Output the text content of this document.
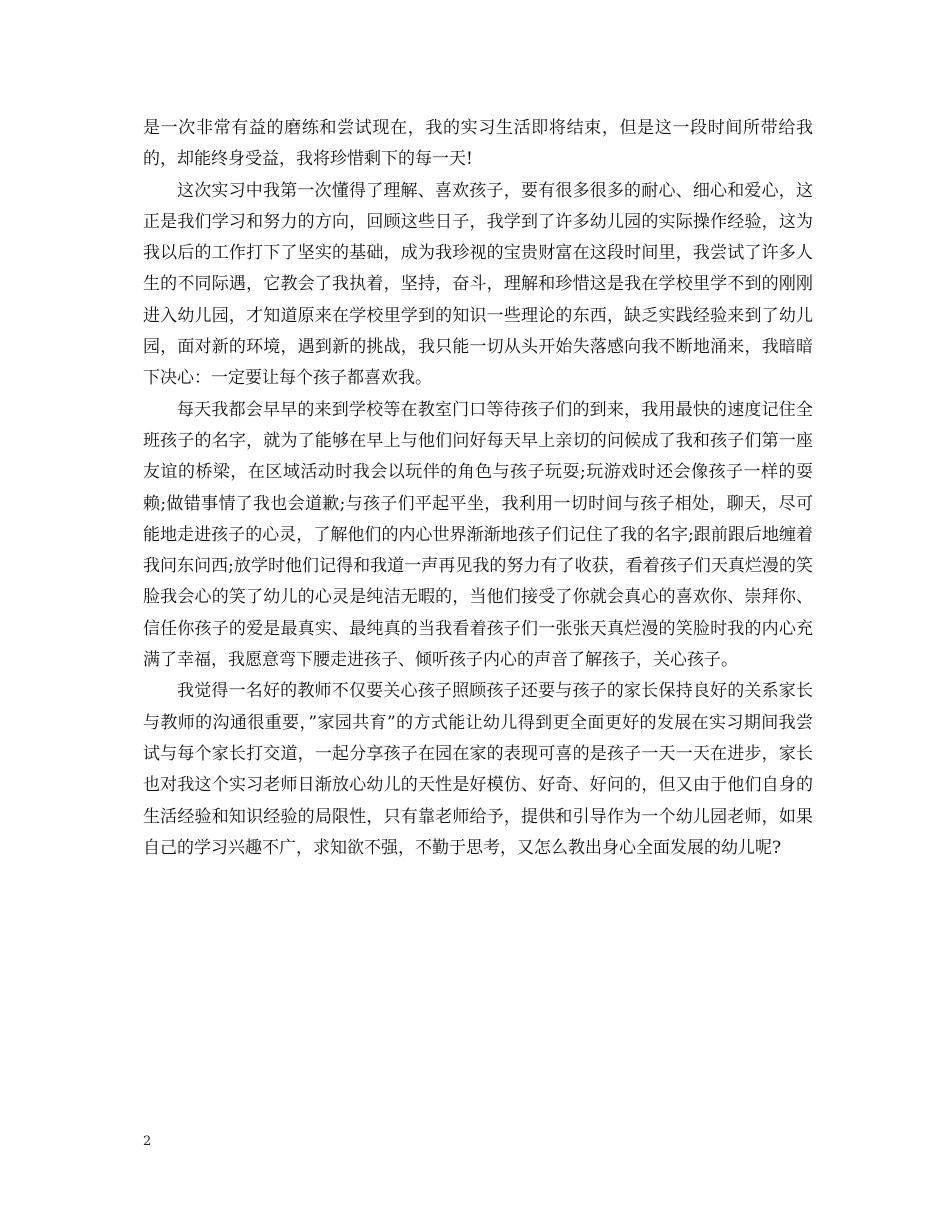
是一次非常有益的磨练和尝试现在，我的实习生活即将结束，但是这一段时间所带给我的，却能终身受益，我将珍惜剩下的每一天!

这次实习中我第一次懂得了理解、喜欢孩子，要有很多很多的耐心、细心和爱心，这正是我们学习和努力的方向，回顾这些日子，我学到了许多幼儿园的实际操作经验，这为我以后的工作打下了坚实的基础，成为我珍视的宝贵财富在这段时间里，我尝试了许多人生的不同际遇，它教会了我执着，坚持，奋斗，理解和珍惜这是我在学校里学不到的刚刚进入幼儿园，才知道原来在学校里学到的知识一些理论的东西，缺乏实践经验来到了幼儿园，面对新的环境，遇到新的挑战，我只能一切从头开始失落感向我不断地涌来，我暗暗下决心：一定要让每个孩子都喜欢我。

每天我都会早早的来到学校等在教室门口等待孩子们的到来，我用最快的速度记住全班孩子的名字，就为了能够在早上与他们问好每天早上亲切的问候成了我和孩子们第一座友谊的桥梁，在区域活动时我会以玩伴的角色与孩子玩耍;玩游戏时还会像孩子一样的耍赖;做错事情了我也会道歉;与孩子们平起平坐，我利用一切时间与孩子相处，聊天，尽可能地走进孩子的心灵，了解他们的内心世界渐渐地孩子们记住了我的名字;跟前跟后地缠着我问东问西;放学时他们记得和我道一声再见我的努力有了收获，看着孩子们天真烂漫的笑脸我会心的笑了幼儿的心灵是纯洁无暇的，当他们接受了你就会真心的喜欢你、崇拜你、信任你孩子的爱是最真实、最纯真的当我看着孩子们一张张天真烂漫的笑脸时我的内心充满了幸福，我愿意弯下腰走进孩子、倾听孩子内心的声音了解孩子，关心孩子。

我觉得一名好的教师不仅要关心孩子照顾孩子还要与孩子的家长保持良好的关系家长与教师的沟通很重要，”家园共育”的方式能让幼儿得到更全面更好的发展在实习期间我尝试与每个家长打交道，一起分享孩子在园在家的表现可喜的是孩子一天一天在进步，家长也对我这个实习老师日渐放心幼儿的天性是好模仿、好奇、好问的，但又由于他们自身的生活经验和知识经验的局限性，只有靠老师给予，提供和引导作为一个幼儿园老师，如果自己的学习兴趣不广，求知欲不强，不勤于思考，又怎么教出身心全面发展的幼儿呢?

2
